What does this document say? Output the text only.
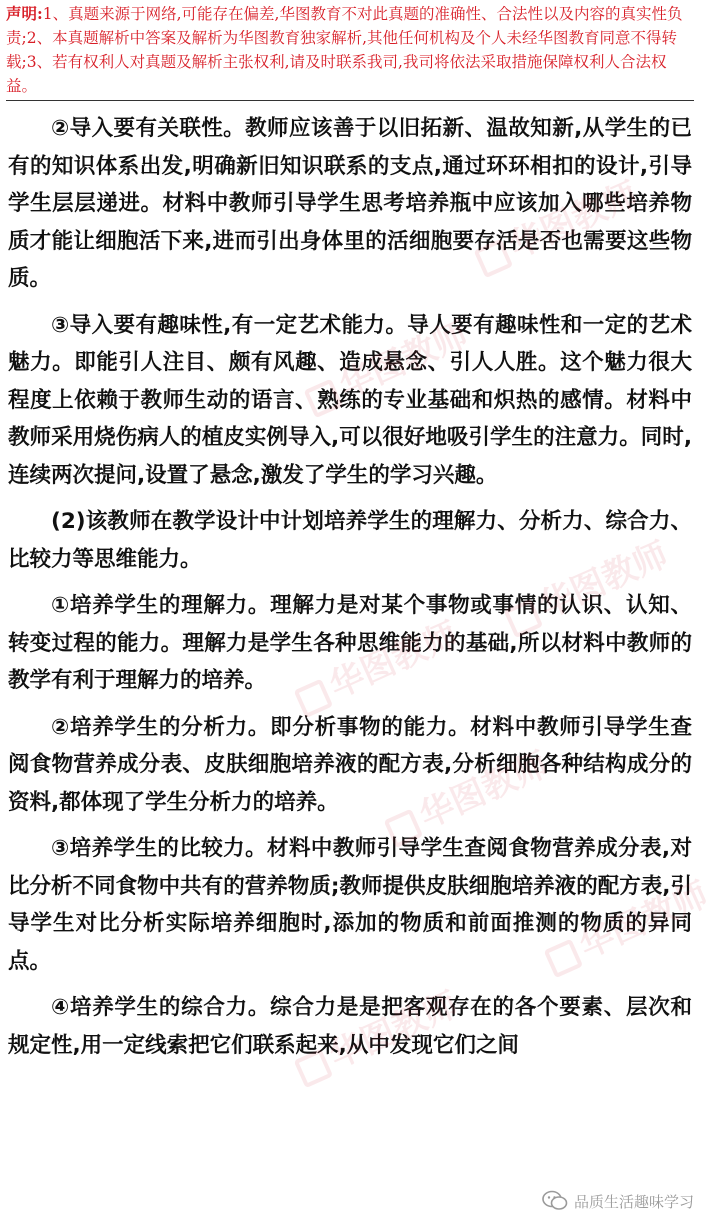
声明:1、真题来源于网络,可能存在偏差,华图教育不对此真题的准确性、合法性以及内容的真实性负责;2、本真题解析中答案及解析为华图教育独家解析,其他任何机构及个人未经华图教育同意不得转载;3、若有权利人对真题及解析主张权利,请及时联系我司,我司将依法采取措施保障权利人合法权益。

②导入要有关联性。教师应该善于以旧拓新、温故知新,从学生的已有的知识体系出发,明确新旧知识联系的支点,通过环环相扣的设计,引导学生层层递进。材料中教师引导学生思考培养瓶中应该加入哪些培养物质才能让细胞活下来,进而引出身体里的活细胞要存活是否也需要这些物质。

③导入要有趣味性,有一定艺术能力。导人要有趣味性和一定的艺术魅力。即能引人注目、颇有风趣、造成悬念、引人人胜。这个魅力很大程度上依赖于教师生动的语言、熟练的专业基础和炽热的感情。材料中教师采用烧伤病人的植皮实例导入,可以很好地吸引学生的注意力。同时,连续两次提问,设置了悬念,激发了学生的学习兴趣。

(2)该教师在教学设计中计划培养学生的理解力、分析力、综合力、比较力等思维能力。

①培养学生的理解力。理解力是对某个事物或事情的认识、认知、转变过程的能力。理解力是学生各种思维能力的基础,所以材料中教师的教学有利于理解力的培养。

②培养学生的分析力。即分析事物的能力。材料中教师引导学生查阅食物营养成分表、皮肤细胞培养液的配方表,分析细胞各种结构成分的资料,都体现了学生分析力的培养。

③培养学生的比较力。材料中教师引导学生查阅食物营养成分表,对比分析不同食物中共有的营养物质;教师提供皮肤细胞培养液的配方表,引导学生对比分析实际培养细胞时,添加的物质和前面推测的物质的异同点。

④培养学生的综合力。综合力是是把客观存在的各个要素、层次和规定性,用一定线索把它们联系起来,从中发现它们之间

华图教师
华图教师
华图教师
华图教师
华图教师
华图教师
华图教师
品质生活趣味学习
